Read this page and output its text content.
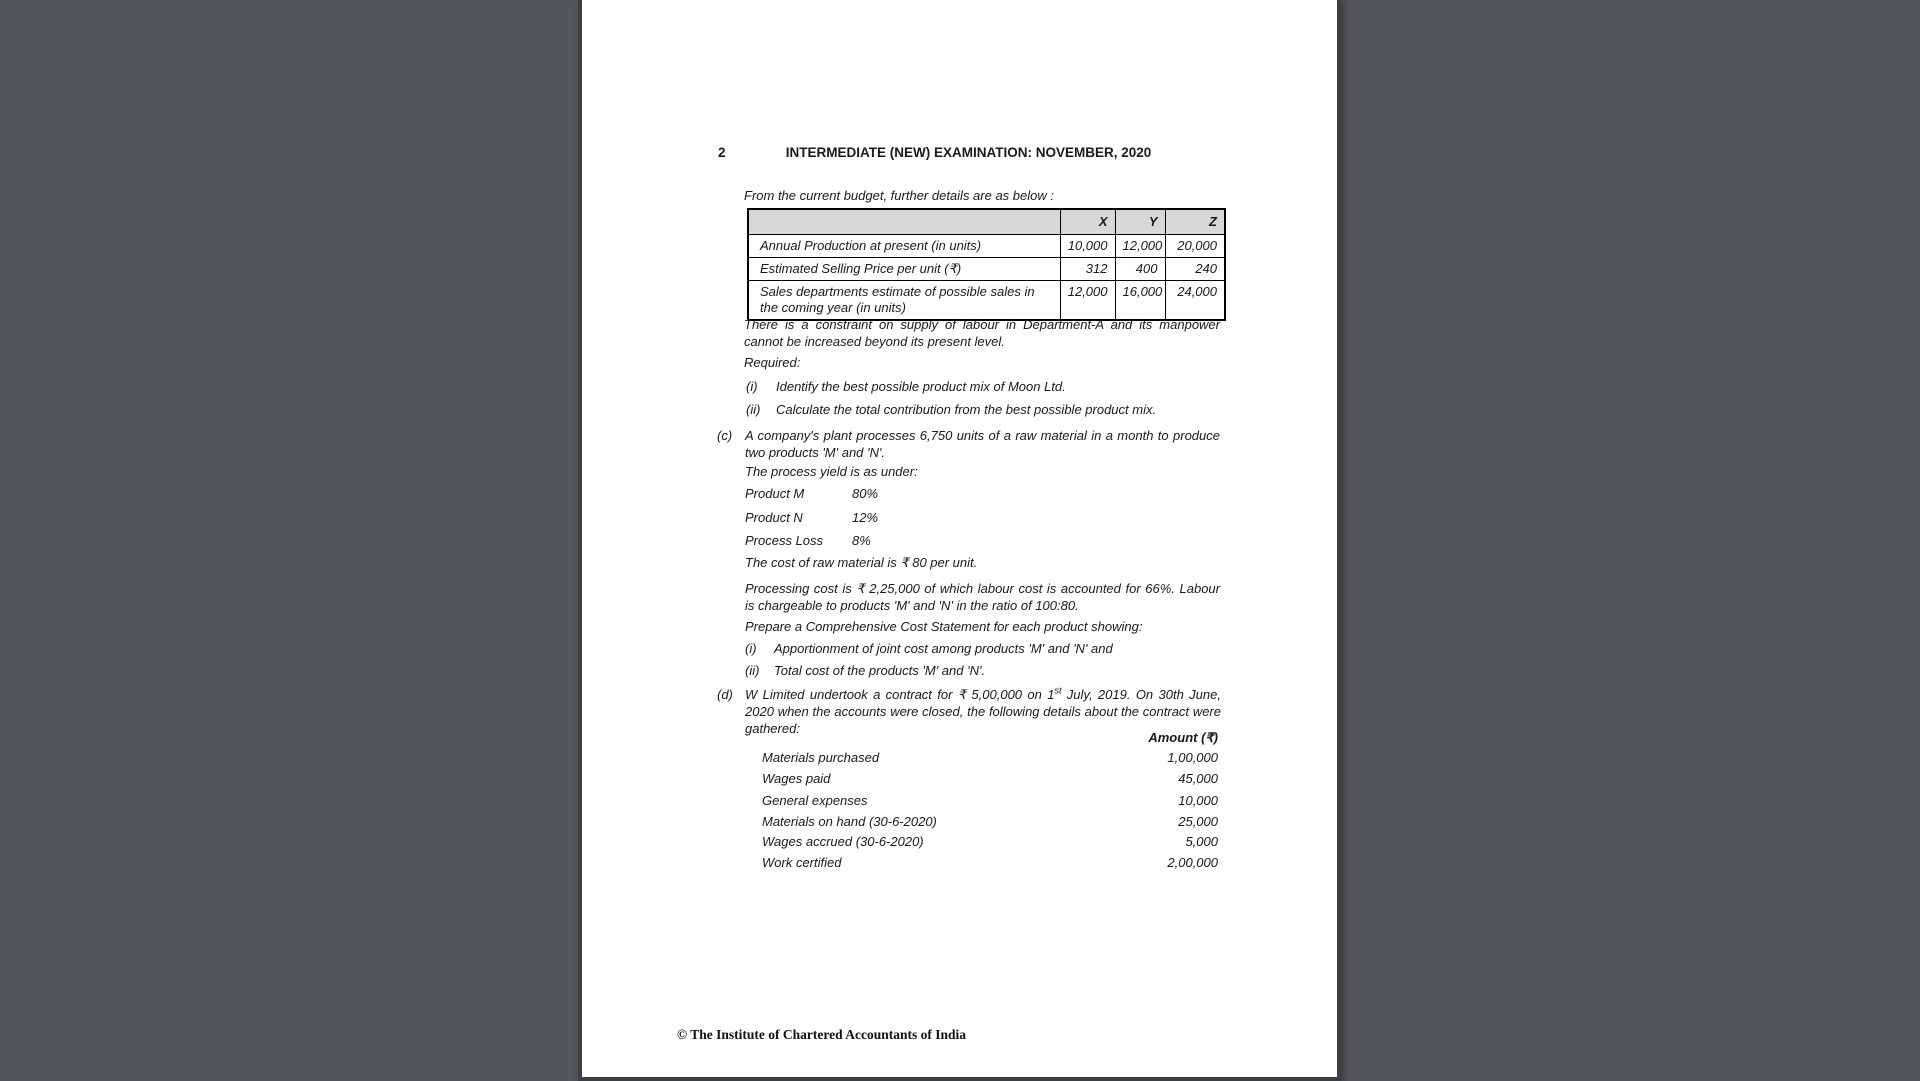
2	INTERMEDIATE (NEW) EXAMINATION: NOVEMBER, 2020
From the current budget, further details are as below :
	X	Y	Z
Annual Production at present (in units)	10,000	12,000	20,000
Estimated Selling Price per unit (₹)	312	400	240
Sales departments estimate of possible sales in the coming year (in units)	12,000	16,000	24,000
There is a constraint on supply of labour in Department-A and its manpower cannot be increased beyond its present level.
Required:
(i) Identify the best possible product mix of Moon Ltd.
(ii) Calculate the total contribution from the best possible product mix.
(c) A company's plant processes 6,750 units of a raw material in a month to produce two products 'M' and 'N'.
The process yield is as under:
Product M	80%
Product N	12%
Process Loss 8%
The cost of raw material is ₹ 80 per unit.
Processing cost is ₹ 2,25,000 of which labour cost is accounted for 66%. Labour is chargeable to products 'M' and 'N' in the ratio of 100:80.
Prepare a Comprehensive Cost Statement for each product showing:
(i) Apportionment of joint cost among products 'M' and 'N' and
(ii) Total cost of the products 'M' and 'N'.
(d) W Limited undertook a contract for ₹ 5,00,000 on 1st July, 2019. On 30th June, 2020 when the accounts were closed, the following details about the contract were gathered:
Amount (₹)
Materials purchased	1,00,000
Wages paid	45,000
General expenses	10,000
Materials on hand (30-6-2020)	25,000
Wages accrued (30-6-2020)	5,000
Work certified	2,00,000
© The Institute of Chartered Accountants of India
